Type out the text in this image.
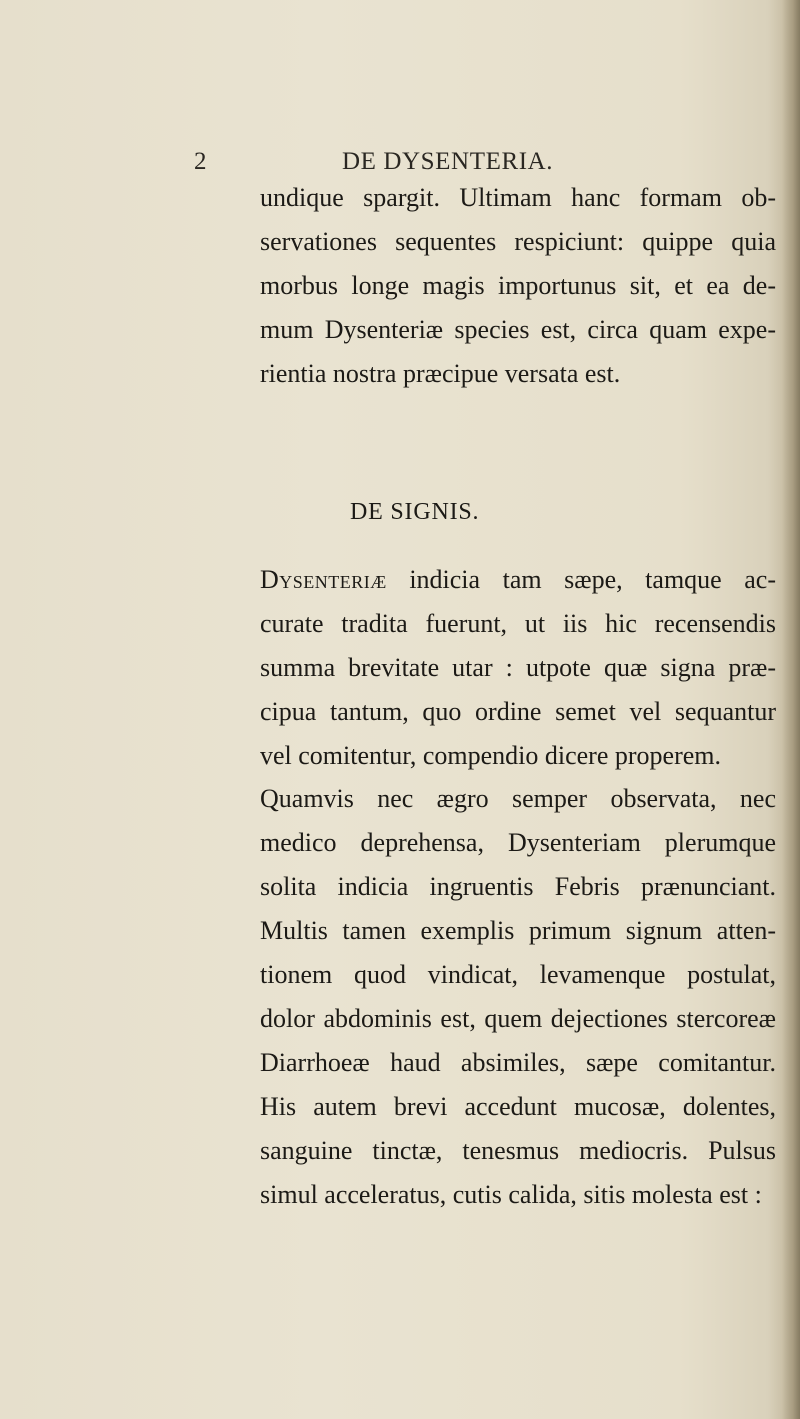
2	DE DYSENTERIA.

undique spargit. Ultimam hanc formam ob-
servationes sequentes respiciunt: quippe quia
morbus longe magis importunus sit, et ea de-
mum Dysenteriæ species est, circa quam expe-
rientia nostra præcipue versata est.

DE SIGNIS.

Dysenteriæ indicia tam sæpe, tamque ac-
curate tradita fuerunt, ut iis hic recensendis
summa brevitate utar : utpote quæ signa præ-
cipua tantum, quo ordine semet vel sequantur
vel comitentur, compendio dicere properem.

Quamvis nec ægro semper observata, nec
medico deprehensa, Dysenteriam plerumque
solita indicia ingruentis Febris prænunciant.
Multis tamen exemplis primum signum atten-
tionem quod vindicat, levamenque postulat,
dolor abdominis est, quem dejectiones stercoreæ
Diarrhoeæ haud absimiles, sæpe comitantur.
His autem brevi accedunt mucosæ, dolentes,
sanguine tinctæ, tenesmus mediocris. Pulsus
simul acceleratus, cutis calida, sitis molesta est :
